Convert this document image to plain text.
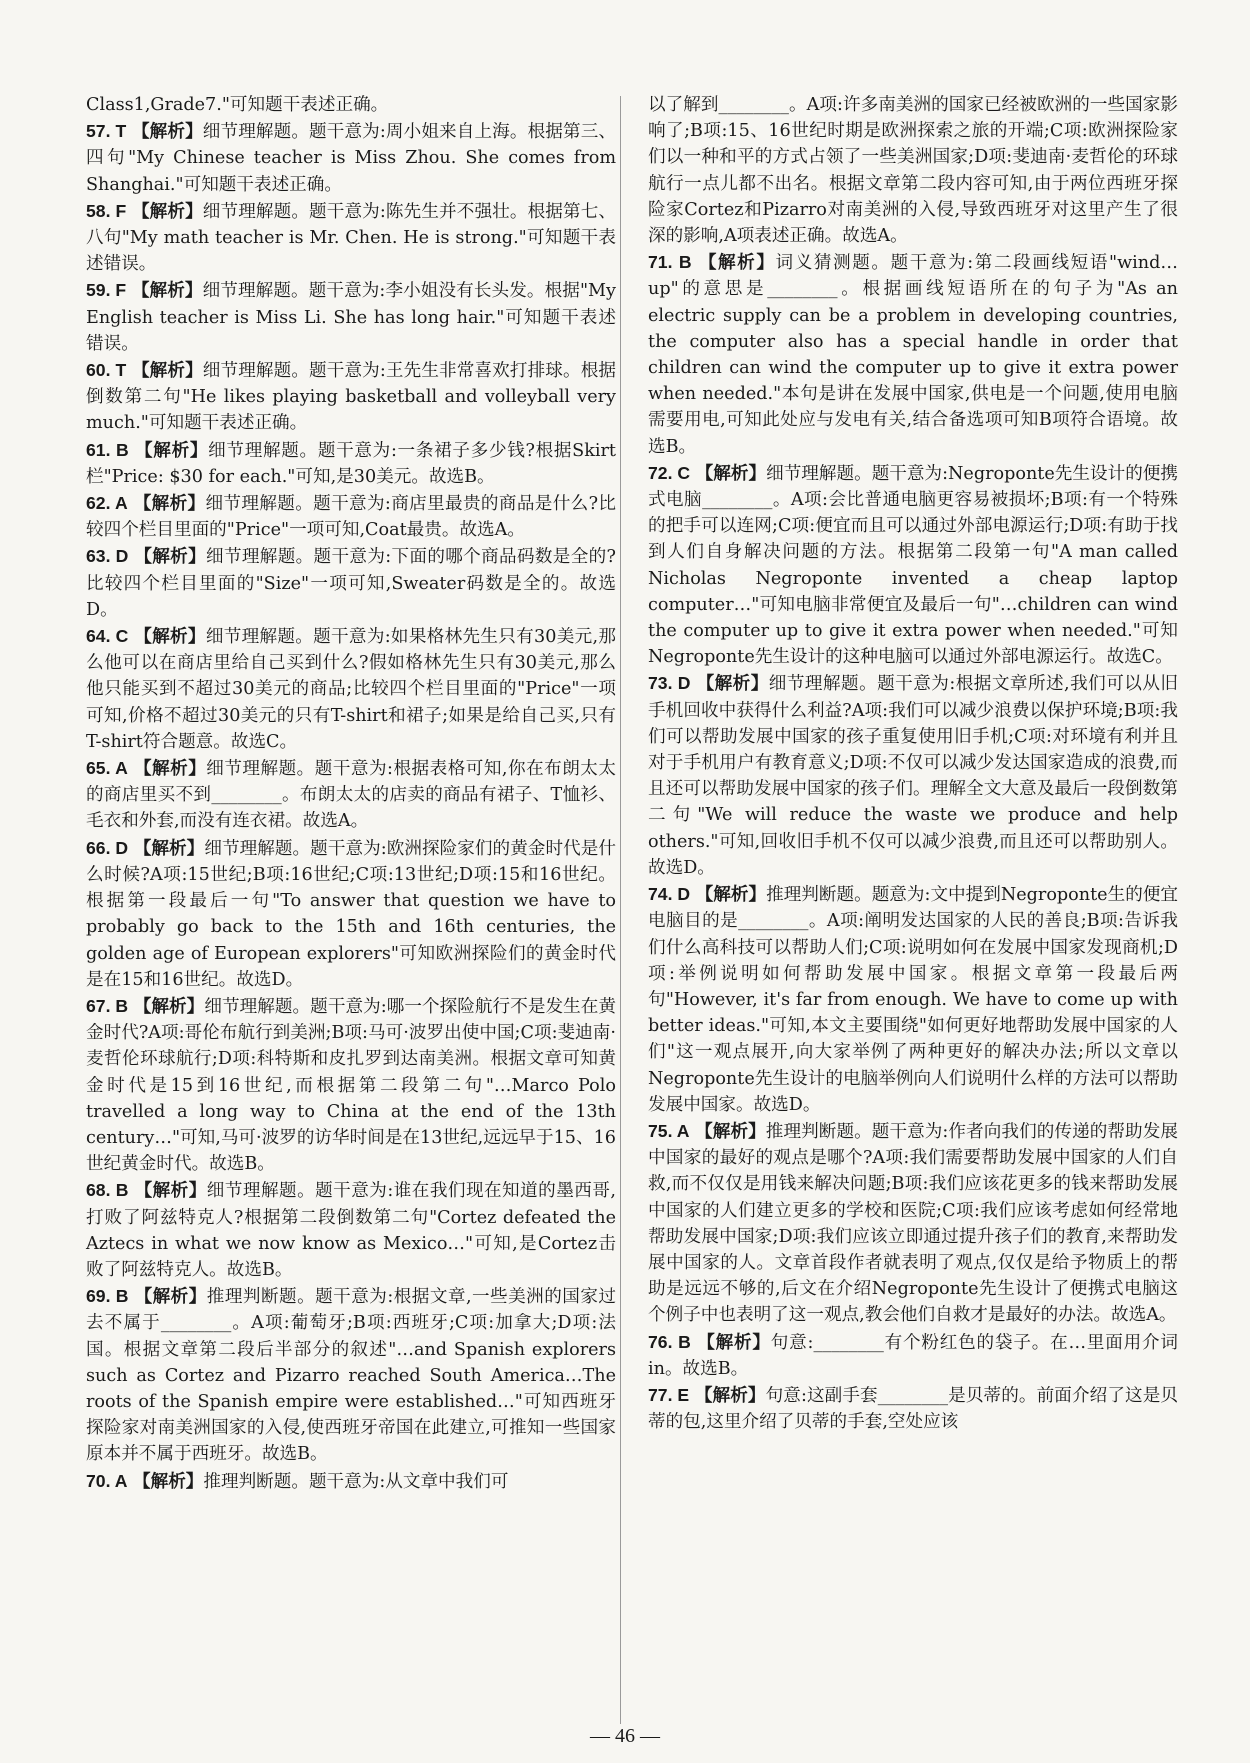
Class1,Grade7."可知题干表述正确。

57. T 【解析】细节理解题。题干意为:周小姐来自上海。根据第三、四句"My Chinese teacher is Miss Zhou. She comes from Shanghai."可知题干表述正确。

58. F 【解析】细节理解题。题干意为:陈先生并不强壮。根据第七、八句"My math teacher is Mr. Chen. He is strong."可知题干表述错误。

59. F 【解析】细节理解题。题干意为:李小姐没有长头发。根据"My English teacher is Miss Li. She has long hair."可知题干表述错误。

60. T 【解析】细节理解题。题干意为:王先生非常喜欢打排球。根据倒数第二句"He likes playing basketball and volleyball very much."可知题干表述正确。

61. B 【解析】细节理解题。题干意为:一条裙子多少钱?根据Skirt栏"Price: $30 for each."可知,是30美元。故选B。

62. A 【解析】细节理解题。题干意为:商店里最贵的商品是什么?比较四个栏目里面的"Price"一项可知,Coat最贵。故选A。

63. D 【解析】细节理解题。题干意为:下面的哪个商品码数是全的?比较四个栏目里面的"Size"一项可知,Sweater码数是全的。故选D。

64. C 【解析】细节理解题。题干意为:如果格林先生只有30美元,那么他可以在商店里给自己买到什么?假如格林先生只有30美元,那么他只能买到不超过30美元的商品;比较四个栏目里面的"Price"一项可知,价格不超过30美元的只有T-shirt和裙子;如果是给自己买,只有T-shirt符合题意。故选C。

65. A 【解析】细节理解题。题干意为:根据表格可知,你在布朗太太的商店里买不到________。布朗太太的店卖的商品有裙子、T恤衫、毛衣和外套,而没有连衣裙。故选A。

66. D 【解析】细节理解题。题干意为:欧洲探险家们的黄金时代是什么时候?A项:15世纪;B项:16世纪;C项:13世纪;D项:15和16世纪。根据第一段最后一句"To answer that question we have to probably go back to the 15th and 16th centuries, the golden age of European explorers"可知欧洲探险们的黄金时代是在15和16世纪。故选D。

67. B 【解析】细节理解题。题干意为:哪一个探险航行不是发生在黄金时代?A项:哥伦布航行到美洲;B项:马可·波罗出使中国;C项:斐迪南·麦哲伦环球航行;D项:科特斯和皮扎罗到达南美洲。根据文章可知黄金时代是15到16世纪,而根据第二段第二句"…Marco Polo travelled a long way to China at the end of the 13th century…"可知,马可·波罗的访华时间是在13世纪,远远早于15、16世纪黄金时代。故选B。

68. B 【解析】细节理解题。题干意为:谁在我们现在知道的墨西哥,打败了阿兹特克人?根据第二段倒数第二句"Cortez defeated the Aztecs in what we now know as Mexico…"可知,是Cortez击败了阿兹特克人。故选B。

69. B 【解析】推理判断题。题干意为:根据文章,一些美洲的国家过去不属于________。A项:葡萄牙;B项:西班牙;C项:加拿大;D项:法国。根据文章第二段后半部分的叙述"…and Spanish explorers such as Cortez and Pizarro reached South America…The roots of the Spanish empire were established…"可知西班牙探险家对南美洲国家的入侵,使西班牙帝国在此建立,可推知一些国家原本并不属于西班牙。故选B。

70. A 【解析】推理判断题。题干意为:从文章中我们可

以了解到________。A项:许多南美洲的国家已经被欧洲的一些国家影响了;B项:15、16世纪时期是欧洲探索之旅的开端;C项:欧洲探险家们以一种和平的方式占领了一些美洲国家;D项:斐迪南·麦哲伦的环球航行一点儿都不出名。根据文章第二段内容可知,由于两位西班牙探险家Cortez和Pizarro对南美洲的入侵,导致西班牙对这里产生了很深的影响,A项表述正确。故选A。

71. B 【解析】词义猜测题。题干意为:第二段画线短语"wind…up"的意思是________。根据画线短语所在的句子为"As an electric supply can be a problem in developing countries, the computer also has a special handle in order that children can wind the computer up to give it extra power when needed."本句是讲在发展中国家,供电是一个问题,使用电脑需要用电,可知此处应与发电有关,结合备选项可知B项符合语境。故选B。

72. C 【解析】细节理解题。题干意为:Negroponte先生设计的便携式电脑________。A项:会比普通电脑更容易被损坏;B项:有一个特殊的把手可以连网;C项:便宜而且可以通过外部电源运行;D项:有助于找到人们自身解决问题的方法。根据第二段第一句"A man called Nicholas Negroponte invented a cheap laptop computer…"可知电脑非常便宜及最后一句"…children can wind the computer up to give it extra power when needed."可知Negroponte先生设计的这种电脑可以通过外部电源运行。故选C。

73. D 【解析】细节理解题。题干意为:根据文章所述,我们可以从旧手机回收中获得什么利益?A项:我们可以减少浪费以保护环境;B项:我们可以帮助发展中国家的孩子重复使用旧手机;C项:对环境有利并且对于手机用户有教育意义;D项:不仅可以减少发达国家造成的浪费,而且还可以帮助发展中国家的孩子们。理解全文大意及最后一段倒数第二句"We will reduce the waste we produce and help others."可知,回收旧手机不仅可以减少浪费,而且还可以帮助别人。故选D。

74. D 【解析】推理判断题。题意为:文中提到Negroponte生的便宜电脑目的是________。A项:阐明发达国家的人民的善良;B项:告诉我们什么高科技可以帮助人们;C项:说明如何在发展中国家发现商机;D项:举例说明如何帮助发展中国家。根据文章第一段最后两句"However, it's far from enough. We have to come up with better ideas."可知,本文主要围绕"如何更好地帮助发展中国家的人们"这一观点展开,向大家举例了两种更好的解决办法;所以文章以Negroponte先生设计的电脑举例向人们说明什么样的方法可以帮助发展中国家。故选D。

75. A 【解析】推理判断题。题干意为:作者向我们的传递的帮助发展中国家的最好的观点是哪个?A项:我们需要帮助发展中国家的人们自救,而不仅仅是用钱来解决问题;B项:我们应该花更多的钱来帮助发展中国家的人们建立更多的学校和医院;C项:我们应该考虑如何经常地帮助发展中国家;D项:我们应该立即通过提升孩子们的教育,来帮助发展中国家的人。文章首段作者就表明了观点,仅仅是给予物质上的帮助是远远不够的,后文在介绍Negroponte先生设计了便携式电脑这个例子中也表明了这一观点,教会他们自救才是最好的办法。故选A。

76. B 【解析】句意:________有个粉红色的袋子。在…里面用介词in。故选B。

77. E 【解析】句意:这副手套________是贝蒂的。前面介绍了这是贝蒂的包,这里介绍了贝蒂的手套,空处应该

— 46 —
